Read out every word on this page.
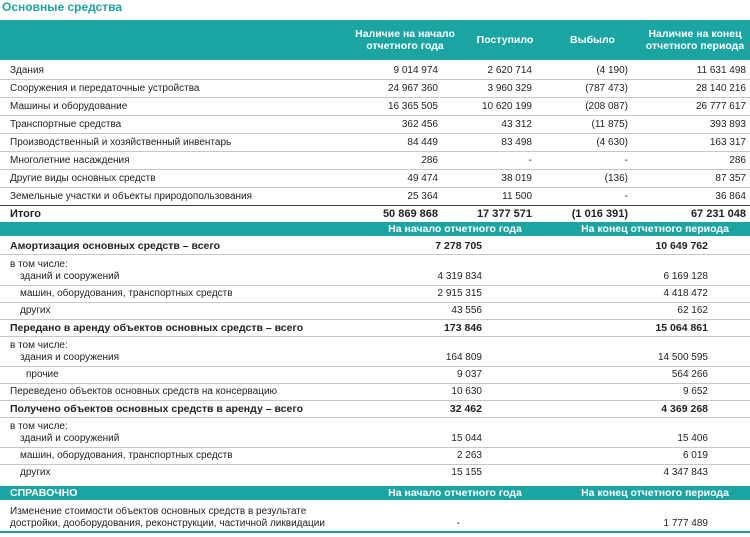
Основные средства
Наличие на начало отчетного года	Поступило	Выбыло	Наличие на конец отчетного периода
Здания	9 014 974	2 620 714	(4 190)	11 631 498
Сооружения и передаточные устройства	24 967 360	3 960 329	(787 473)	28 140 216
Машины и оборудование	16 365 505	10 620 199	(208 087)	26 777 617
Транспортные средства	362 456	43 312	(11 875)	393 893
Производственный и хозяйственный инвентарь	84 449	83 498	(4 630)	163 317
Многолетние насаждения	286	-	-	286
Другие виды основных средств	49 474	38 019	(136)	87 357
Земельные участки и объекты природопользования	25 364	11 500	-	36 864
Итого	50 869 868	17 377 571	(1 016 391)	67 231 048
На начало отчетного года	На конец отчетного периода
Амортизация основных средств – всего	7 278 705	10 649 762
в том числе:
зданий и сооружений	4 319 834	6 169 128
машин, оборудования, транспортных средств	2 915 315	4 418 472
других	43 556	62 162
Передано в аренду объектов основных средств – всего	173 846	15 064 861
в том числе:
здания и сооружения	164 809	14 500 595
прочие	9 037	564 266
Переведено объектов основных средств на консервацию	10 630	9 652
Получено объектов основных средств в аренду – всего	32 462	4 369 268
в том числе:
зданий и сооружений	15 044	15 406
машин, оборудования, транспортных средств	2 263	6 019
других	15 155	4 347 843
СПРАВОЧНО	На начало отчетного года	На конец отчетного периода
Изменение стоимости объектов основных средств в результате
достройки, дооборудования, реконструкции, частичной ликвидации	-	1 777 489
